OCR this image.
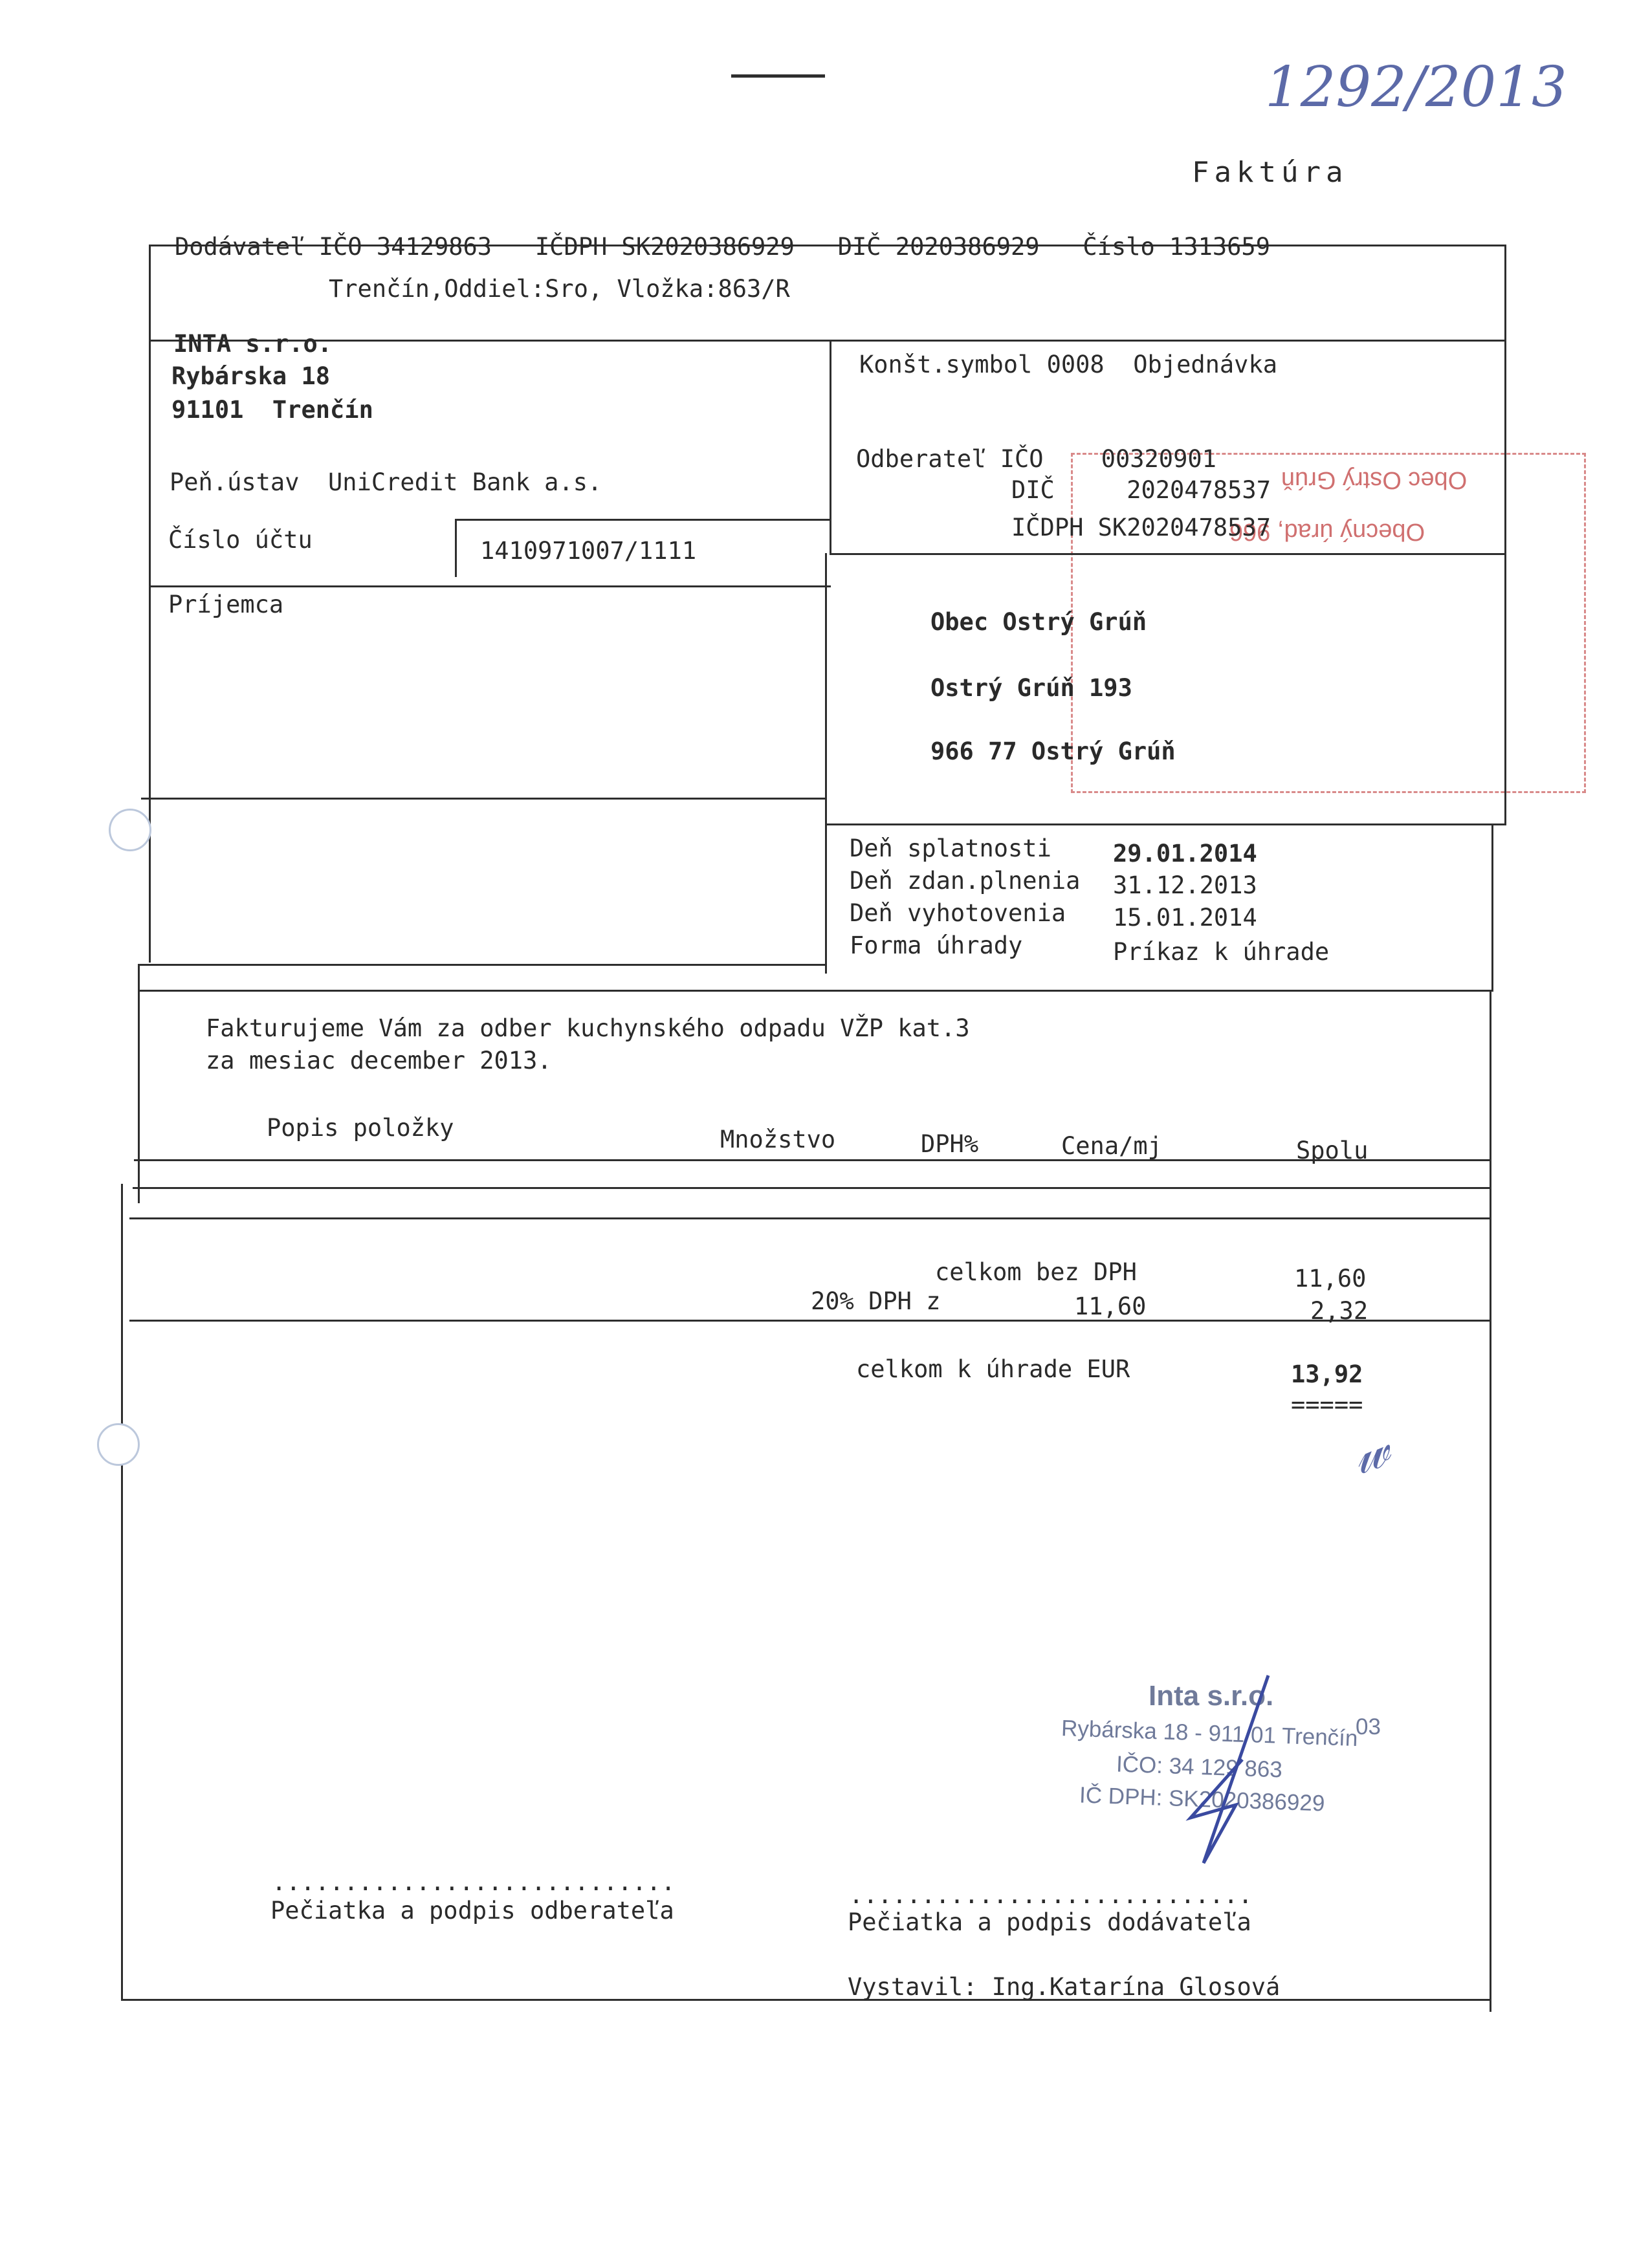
1292/2013
Faktúra
Obec Ostrý Grúň
Obecný úrad, 966
Dodávateľ IČO 34129863   IČDPH SK2020386929   DIČ 2020386929   Číslo 1313659
Trenčín,Oddiel:Sro, Vložka:863/R
INTA s.r.o.
Rybárska 18
91101  Trenčín
Peň.ústav  UniCredit Bank a.s.
Číslo účtu	1410971007/1111
Príjemca
Konšt.symbol 0008  Objednávka
Odberateľ IČO    00320901
DIČ     2020478537
IČDPH SK2020478537
Obec Ostrý Grúň
Ostrý Grúň 193
966 77 Ostrý Grúň
Deň splatnosti	29.01.2014
Deň zdan.plnenia 31.12.2013
Deň vyhotovenia 15.01.2014
Forma úhrady	Príkaz k úhrade
Fakturujeme Vám za odber kuchynského odpadu VŽP kat.3
za mesiac december 2013.
Popis položky	Množstvo	DPH%	Cena/mj	Spolu
celkom bez DPH	11,60
20% DPH z	11,60	2,32
celkom k úhrade EUR	13,92
=====
𝓌
Inta s.r.o.
03
Rybárska 18 - 911 01 Trenčín
IČO: 34 129 863
IČ DPH: SK2020386929
............................
Pečiatka a podpis odberateľa
............................
Pečiatka a podpis dodávateľa
Vystavil: Ing.Katarína Glosová
